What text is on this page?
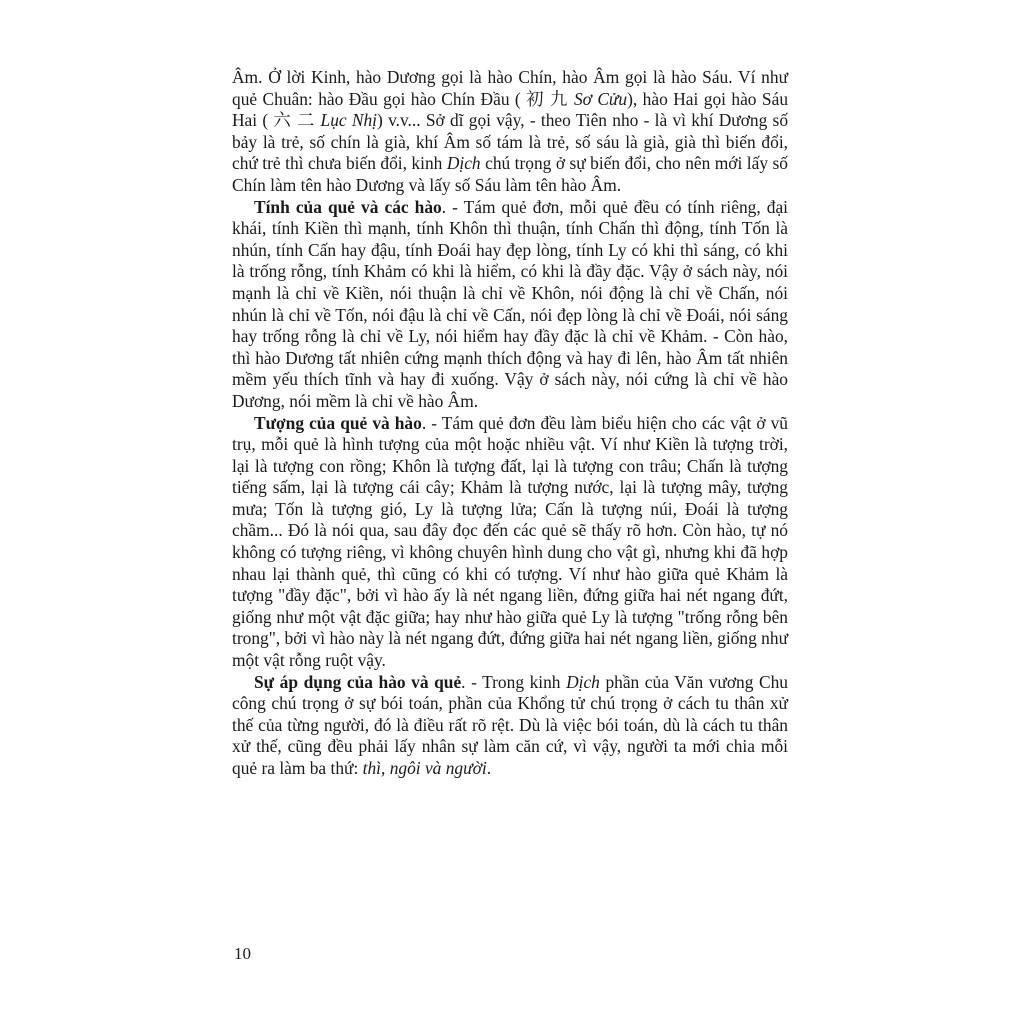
Âm. Ở lời Kinh, hào Dương gọi là hào Chín, hào Âm gọi là hào Sáu. Ví như quẻ Chuân: hào Đầu gọi hào Chín Đầu ( 初 九 Sơ Cửu), hào Hai gọi hào Sáu Hai ( 六 二 Lục Nhị) v.v... Sở dĩ gọi vậy, - theo Tiên nho - là vì khí Dương số bảy là trẻ, số chín là già, khí Âm số tám là trẻ, số sáu là già, già thì biến đổi, chứ trẻ thì chưa biến đổi, kinh Dịch chú trọng ở sự biến đổi, cho nên mới lấy số Chín làm tên hào Dương và lấy số Sáu làm tên hào Âm.

Tính của quẻ và các hào. - Tám quẻ đơn, mỗi quẻ đều có tính riêng, đại khái, tính Kiền thì mạnh, tính Khôn thì thuận, tính Chấn thì động, tính Tốn là nhún, tính Cấn hay đậu, tính Đoái hay đẹp lòng, tính Ly có khi thì sáng, có khi là trống rỗng, tính Khảm có khi là hiểm, có khi là đầy đặc. Vậy ở sách này, nói mạnh là chỉ về Kiền, nói thuận là chỉ về Khôn, nói động là chỉ về Chấn, nói nhún là chỉ về Tốn, nói đậu là chỉ về Cấn, nói đẹp lòng là chỉ về Đoái, nói sáng hay trống rỗng là chỉ về Ly, nói hiểm hay đầy đặc là chỉ về Khảm. - Còn hào, thì hào Dương tất nhiên cứng mạnh thích động và hay đi lên, hào Âm tất nhiên mềm yếu thích tĩnh và hay đi xuống. Vậy ở sách này, nói cứng là chỉ về hào Dương, nói mềm là chỉ về hào Âm.

Tượng của quẻ và hào. - Tám quẻ đơn đều làm biểu hiện cho các vật ở vũ trụ, mỗi quẻ là hình tượng của một hoặc nhiều vật. Ví như Kiền là tượng trời, lại là tượng con rồng; Khôn là tượng đất, lại là tượng con trâu; Chấn là tượng tiếng sấm, lại là tượng cái cây; Khảm là tượng nước, lại là tượng mây, tượng mưa; Tốn là tượng gió, Ly là tượng lửa; Cấn là tượng núi, Đoái là tượng chầm... Đó là nói qua, sau đây đọc đến các quẻ sẽ thấy rõ hơn. Còn hào, tự nó không có tượng riêng, vì không chuyên hình dung cho vật gì, nhưng khi đã hợp nhau lại thành quẻ, thì cũng có khi có tượng. Ví như hào giữa quẻ Khảm là tượng "đầy đặc", bởi vì hào ấy là nét ngang liền, đứng giữa hai nét ngang đứt, giống như một vật đặc giữa; hay như hào giữa quẻ Ly là tượng "trống rỗng bên trong", bởi vì hào này là nét ngang đứt, đứng giữa hai nét ngang liền, giống như một vật rỗng ruột vậy.

Sự áp dụng của hào và quẻ. - Trong kinh Dịch phần của Văn vương Chu công chú trọng ở sự bói toán, phần của Khổng tử chú trọng ở cách tu thân xử thế của từng người, đó là điều rất rõ rệt. Dù là việc bói toán, dù là cách tu thân xử thế, cũng đều phải lấy nhân sự làm căn cứ, vì vậy, người ta mới chia mỗi quẻ ra làm ba thứ: thì, ngôi và người.

10
